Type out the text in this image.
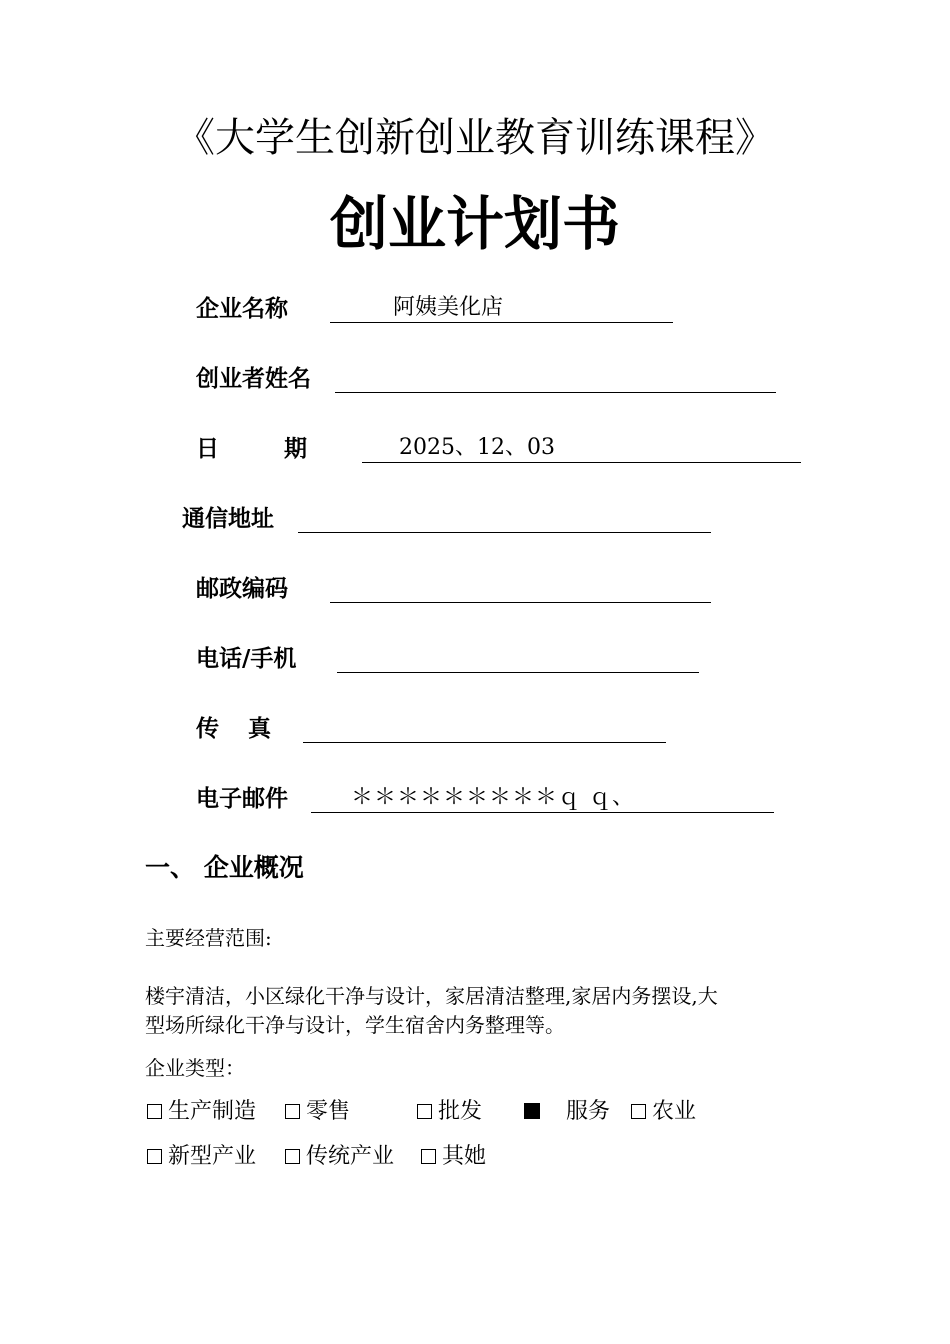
《大学生创新创业教育训练课程》
创业计划书
企业名称	阿姨美化店
创业者姓名
日	期	2025、12、03
通信地址
邮政编码
电话/手机
传 真
电子邮件	＊＊＊＊＊＊＊＊＊ｑ ｑ、
一、 企业概况
主要经营范围:
楼宇清洁，小区绿化干净与设计，家居清洁整理,家居内务摆设,大
型场所绿化干净与设计，学生宿舍内务整理等。
企业类型：
生产制造	零售	批发	服务	农业
新型产业	传统产业	其她
